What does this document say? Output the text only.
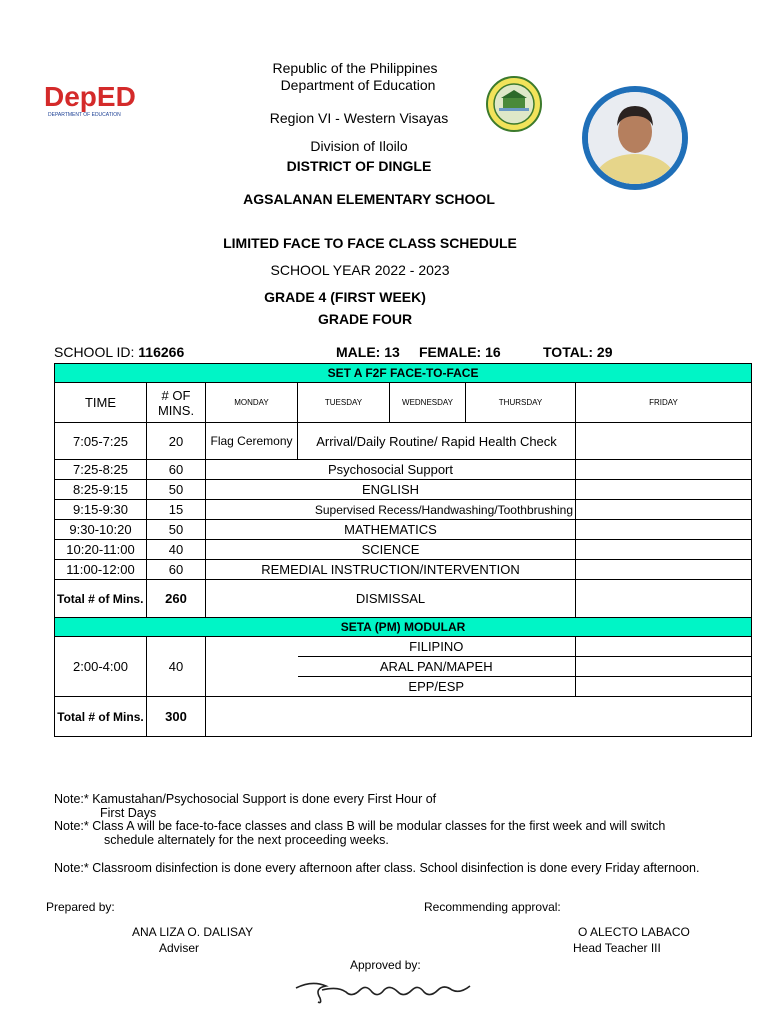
DepED
DEPARTMENT OF EDUCATION
Republic of the Philippines
Department of Education
Region VI - Western Visayas
Division of Iloilo
DISTRICT OF DINGLE
AGSALANAN ELEMENTARY SCHOOL
LIMITED FACE TO FACE CLASS SCHEDULE
SCHOOL YEAR 2022 - 2023
GRADE 4 (FIRST WEEK)
GRADE FOUR
SCHOOL ID: 116266	MALE: 13 FEMALE: 16	TOTAL: 29
SET A F2F FACE-TO-FACE						
TIME	# OF MINS.	MONDAY	TUESDAY	WEDNESDAY	THURSDAY	FRIDAY
7:05-7:25	20	Flag Ceremony	Arrival/Daily Routine/ Rapid Health Check			
7:25-8:25	60	Psychosocial Support				
8:25-9:15	50	ENGLISH				
9:15-9:30	15	Supervised Recess/Handwashing/Toothbrushing				
9:30-10:20	50	MATHEMATICS				
10:20-11:00	40	SCIENCE				
11:00-12:00	60	REMEDIAL INSTRUCTION/INTERVENTION				
Total # of Mins.	260	DISMISSAL				
SETA (PM) MODULAR						
2:00-4:00	40		FILIPINO			
			ARAL PAN/MAPEH			
			EPP/ESP			
Total # of Mins.	300					
Note:* Kamustahan/Psychosocial Support is done every First Hour of
First Days
Note:* Class A will be face-to-face classes and class B will be modular classes for the first week and will switch
schedule alternately for the next proceeding weeks.
Note:* Classroom disinfection is done every afternoon after class. School disinfection is done every Friday afternoon.
Prepared by:	Recommending approval:
ANA LIZA O. DALISAY
Adviser
O ALECTO LABACO
Head Teacher III
Approved by:
